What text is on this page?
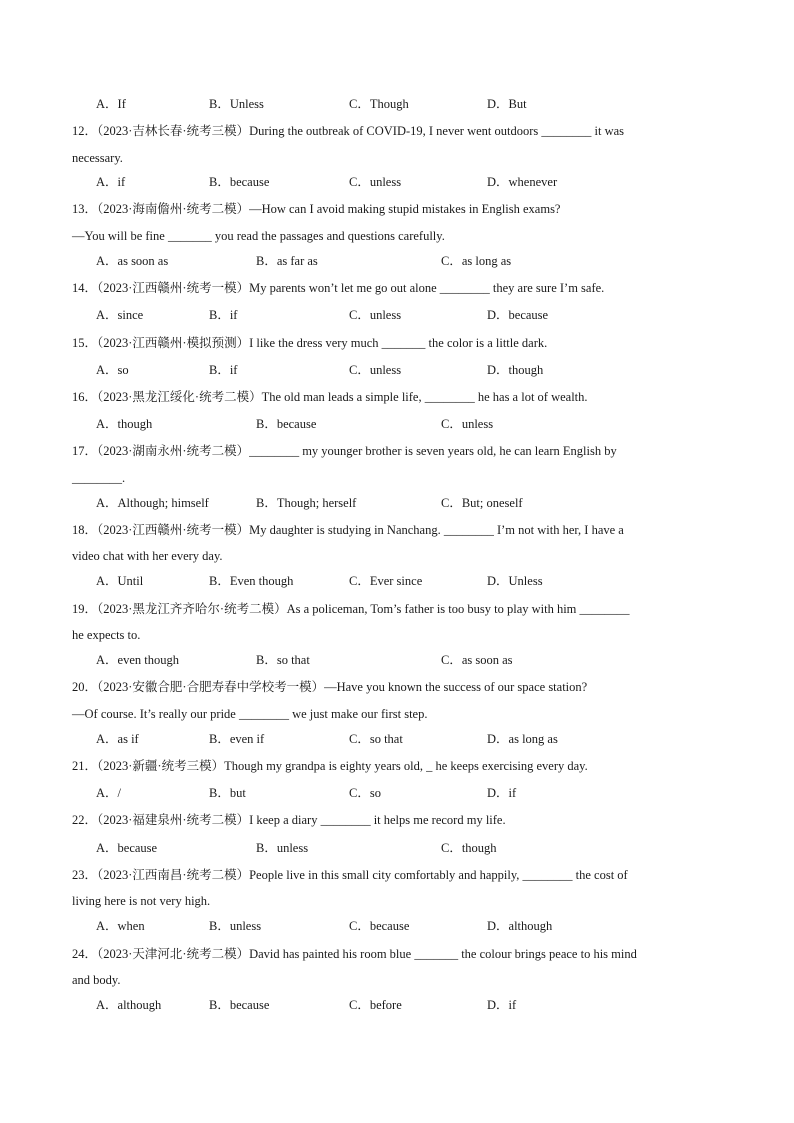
A．If	B．Unless	C．Though	D．But
12．（2023·吉林长春·统考三模）During the outbreak of COVID-19, I never went outdoors ________ it was
necessary.
A．if	B．because	C．unless	D．whenever
13．（2023·海南儋州·统考二模）—How can I avoid making stupid mistakes in English exams?
—You will be fine _______ you read the passages and questions carefully.
A．as soon as	B．as far as	C．as long as
14．（2023·江西赣州·统考一模）My parents won’t let me go out alone ________ they are sure I’m safe.
A．since	B．if	C．unless	D．because
15．（2023·江西赣州·模拟预测）I like the dress very much _______ the color is a little dark.
A．so	B．if	C．unless	D．though
16．（2023·黑龙江绥化·统考二模）The old man leads a simple life, ________ he has a lot of wealth.
A．though	B．because	C．unless
17．（2023·湖南永州·统考二模）________ my younger brother is seven years old, he can learn English by
________.
A．Although; himself	B．Though; herself	C．But; oneself
18．（2023·江西赣州·统考一模）My daughter is studying in Nanchang. ________ I’m not with her, I have a
video chat with her every day.
A．Until	B．Even though	C．Ever since	D．Unless
19．（2023·黑龙江齐齐哈尔·统考二模）As a policeman, Tom’s father is too busy to play with him ________
he expects to.
A．even though	B．so that	C．as soon as
20．（2023·安徽合肥·合肥寿春中学校考一模）—Have you known the success of our space station?
—Of course. It’s really our pride ________ we just make our first step.
A．as if	B．even if	C．so that	D．as long as
21．（2023·新疆·统考三模）Though my grandpa is eighty years old, _ he keeps exercising every day.
A．/	B．but	C．so	D．if
22．（2023·福建泉州·统考二模）I keep a diary ________ it helps me record my life.
A．because	B．unless	C．though
23．（2023·江西南昌·统考二模）People live in this small city comfortably and happily, ________ the cost of
living here is not very high.
A．when	B．unless	C．because	D．although
24．（2023·天津河北·统考二模）David has painted his room blue _______ the colour brings peace to his mind
and body.
A．although	B．because	C．before	D．if
